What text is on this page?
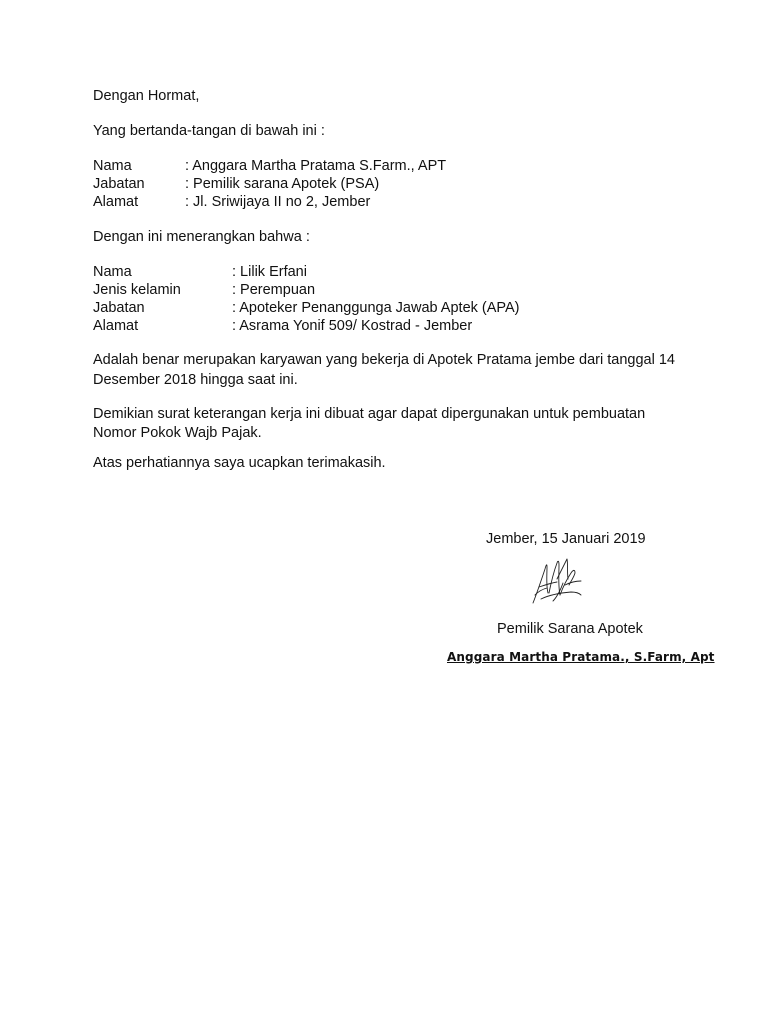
Dengan Hormat,
Yang bertanda-tangan di bawah ini :
Nama	: Anggara Martha Pratama S.Farm., APT
Jabatan	: Pemilik sarana Apotek (PSA)
Alamat	: Jl. Sriwijaya II no 2, Jember
Dengan ini menerangkan bahwa :
Nama	: Lilik Erfani
Jenis kelamin	: Perempuan
Jabatan	: Apoteker Penanggunga Jawab Aptek (APA)
Alamat	: Asrama Yonif 509/ Kostrad - Jember
Adalah benar merupakan karyawan yang bekerja di Apotek Pratama jembe dari tanggal 14
Desember 2018 hingga saat ini.
Demikian surat keterangan kerja ini dibuat agar dapat dipergunakan untuk pembuatan
Nomor Pokok Wajb Pajak.
Atas perhatiannya saya ucapkan terimakasih.
Jember, 15 Januari 2019
Pemilik Sarana Apotek
Anggara Martha Pratama., S.Farm, Apt
